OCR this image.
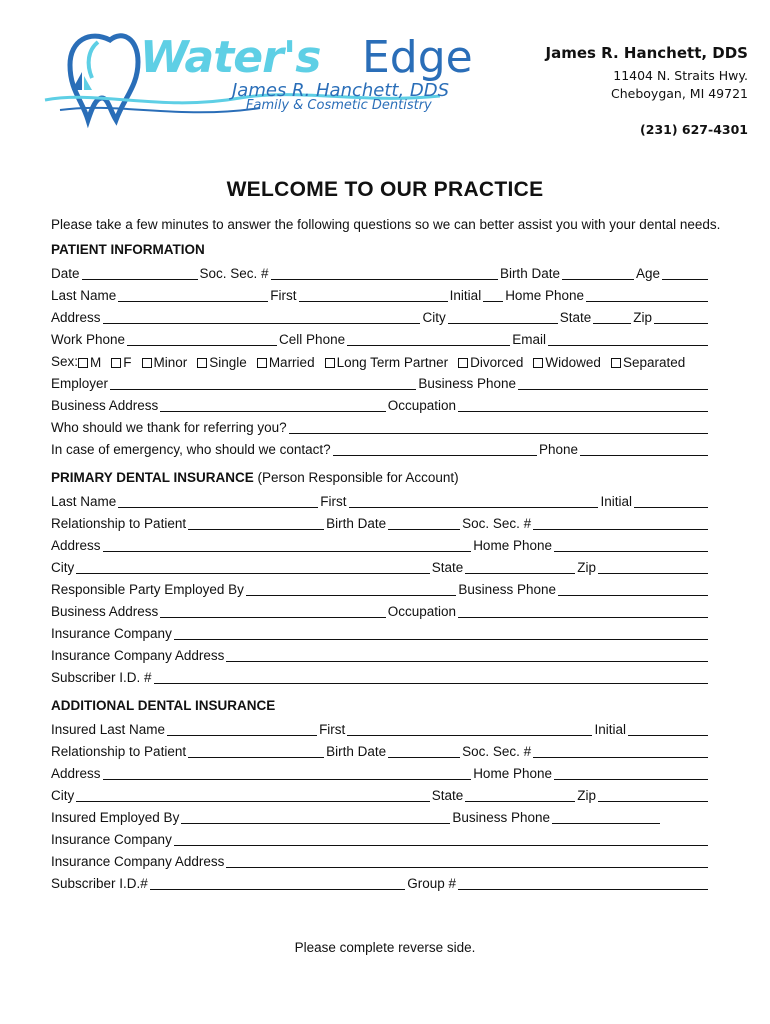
Water's Edge
James R. Hanchett, DDS
Family & Cosmetic Dentistry
James R. Hanchett, DDS
11404 N. Straits Hwy.
Cheboygan, MI 49721
(231) 627-4301
WELCOME TO OUR PRACTICE
Please take a few minutes to answer the following questions so we can better assist you with your dental needs.
PATIENT INFORMATION
Date	Soc. Sec. #	Birth Date	Age
Last Name	First	Initial Home Phone
Address	City	State	Zip
Work Phone	Cell Phone	Email
Sex: M F Minor Single Married Long Term Partner Divorced Widowed Separated
Employer	Business Phone
Business Address	Occupation
Who should we thank for referring you?
In case of emergency, who should we contact?	Phone
PRIMARY DENTAL INSURANCE (Person Responsible for Account)
Last Name	First	Initial
Relationship to Patient	Birth Date	Soc. Sec. #
Address	Home Phone
City	State	Zip
Responsible Party Employed By	Business Phone
Business Address	Occupation
Insurance Company
Insurance Company Address
Subscriber I.D. #
ADDITIONAL DENTAL INSURANCE
Insured Last Name	First	Initial
Relationship to Patient	Birth Date	Soc. Sec. #
Address	Home Phone
City	State	Zip
Insured Employed By	Business Phone
Insurance Company
Insurance Company Address
Subscriber I.D.#	Group #
Please complete reverse side.
